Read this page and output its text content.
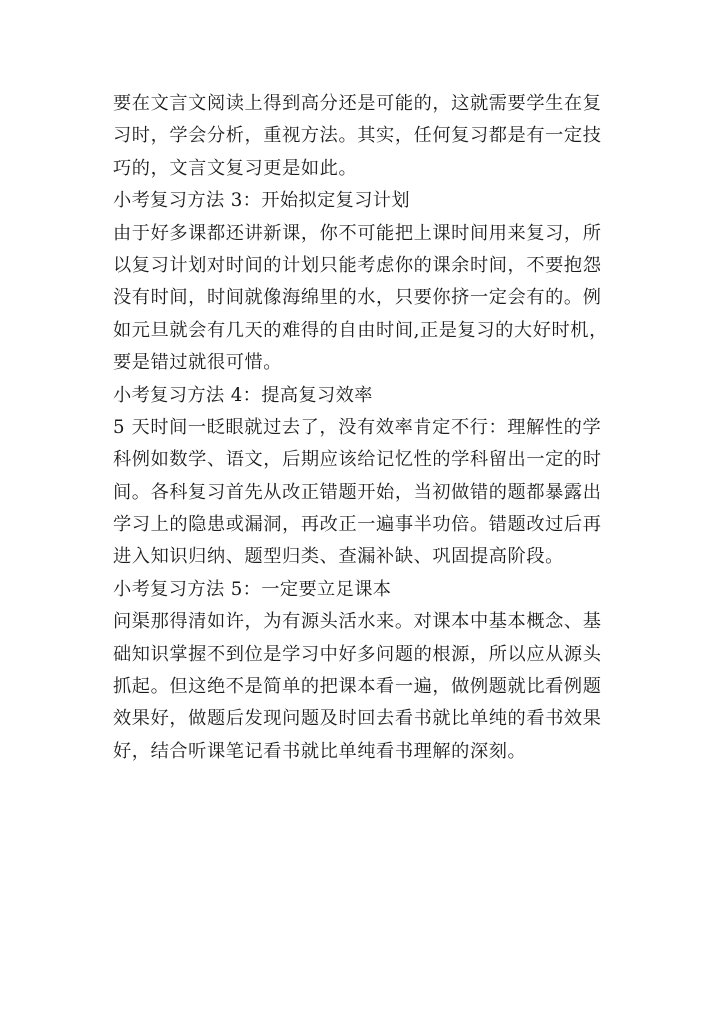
要在文言文阅读上得到高分还是可能的，这就需要学生在复
习时，学会分析，重视方法。其实，任何复习都是有一定技
巧的，文言文复习更是如此。
小考复习方法 3：开始拟定复习计划
由于好多课都还讲新课，你不可能把上课时间用来复习，所
以复习计划对时间的计划只能考虑你的课余时间，不要抱怨
没有时间，时间就像海绵里的水，只要你挤一定会有的。例
如元旦就会有几天的难得的自由时间,正是复习的大好时机，
要是错过就很可惜。
小考复习方法 4：提高复习效率
5 天时间一眨眼就过去了，没有效率肯定不行：理解性的学
科例如数学、语文，后期应该给记忆性的学科留出一定的时
间。各科复习首先从改正错题开始，当初做错的题都暴露出
学习上的隐患或漏洞，再改正一遍事半功倍。错题改过后再
进入知识归纳、题型归类、查漏补缺、巩固提高阶段。
小考复习方法 5：一定要立足课本
问渠那得清如许，为有源头活水来。对课本中基本概念、基
础知识掌握不到位是学习中好多问题的根源，所以应从源头
抓起。但这绝不是简单的把课本看一遍，做例题就比看例题
效果好，做题后发现问题及时回去看书就比单纯的看书效果
好，结合听课笔记看书就比单纯看书理解的深刻。
